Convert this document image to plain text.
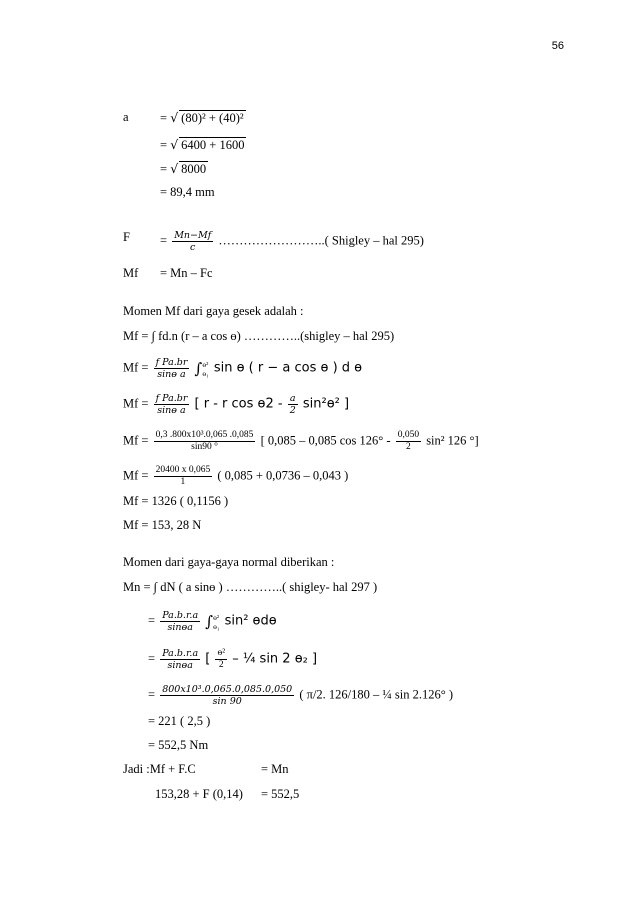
56
a	= √ (80)² + (40)²
= √ 6400 + 1600
= √ 8000
= 89,4 mm
$F = \frac{Mn-Mf}{c}$ ……………………..( Shigley – hal 295)
Mf = Mn – Fc
Momen Mf dari gaya gesek adalah :
Mf = ∫ fd.n (r – a cos ө) …………..(shigley – hal 295)
$Mf = \frac{\text{f Pa.br}}{\text{sinө a}}$ ∫ ө²
ө₁ sin ө ( r − a cos ө ) d ө
$Mf = \frac{\text{f Pa.br}}{\text{sinө a}}$ [ r - r $\cos ө2 - \frac{a}{2} \sin^2ө^2$ ]
$Mf = \frac{\text{0,3 .800x10³.0,065 .0,085}}{\sin 90 ^\circ}$ [ 0,085 – 0,085 $\cos 126^\circ - \frac{0,050}{2} \sin^2$ 126 °]
$Mf = \frac{20400 x 0,065}{1}$ ( 0,085 + 0,0736 – 0,043 )
Mf = 1326 ( 0,1156 )
Mf = 153, 28 N
Momen dari gaya-gaya normal diberikan :
Mn = ∫ dN ( a sinө ) …………..( shigley- hal 297 )
= $\frac{Pa.b.r.a}{\sin өa}$ ∫ ө²
ө₁ sin² өdө
= $\frac{Pa.b.r.a}{\sin өa}$ [ $\frac{\text{ө²}}{2}$ – ¼ sin 2 ө₂ ]
= $\frac{\text{800x10³.0,065.0,085.0,050}}{\sin 90}$ ( π/2. 126/180 – ¼ sin 2.126° )
= 221 ( 2,5 )
= 552,5 Nm
Jadi :Mf + F.C	= Mn
153,28 + F (0,14) = 552,5
